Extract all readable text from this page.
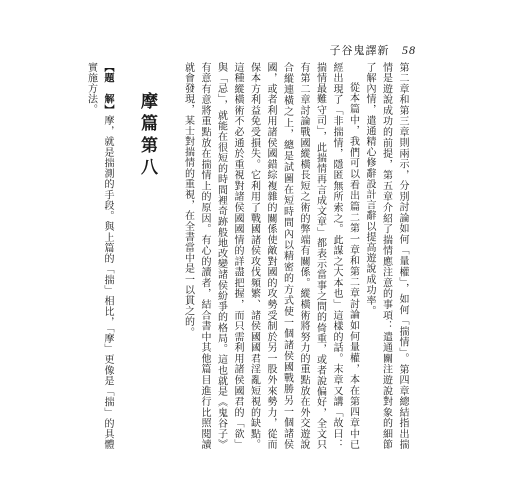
子谷鬼譯新 58

第二章和第三章則兩示，分別討論如何「量權」，如何「揣情」。第四章總結指出揣情是遊說成功的前提，第五章介紹了揣情應注意的事項：遣通關注遊說對象的細節了解內情，遣通精心修辭設計言辭以提高遊說成功率。

從本篇中，我們可以看出篇二第一章和第二章討論如何量權，本在第四章中已經出現了「非揣情，隱匿無所索之。此謀之大本也」這樣的話。末章又講「故曰：揣情最難守司」，此揣情再言成文章」都表示當事之問的倚重，或者說偏好，全文只有第二章討論戰國縱橫長短之術的弊端有關係。縱橫術將努力的重點放在外交遊說合縱連橫之上，總是試圖在短時間內以精密的方式使一個諸侯國戰勝另一個諸侯國，或者利用諸侯國錯綜複雜的關係使敵對國的攻勢受制於另一股外來勢力，從而保本方利益免受損失。它利用了戰國諸侯攻伐頻繁、諸侯國國君淫亂短視的缺點。這種縱橫術不必通於重視對諸侯國國情的詳盡把握，而只需利用諸侯國君的「欲」與「忌」，就能在很短的時間裡奇跡般地改變諸侯紛爭的格局。這也就是《鬼谷子》有意有意將重點放在揣情上的原因。有心的讀者，結合書中其他篇目進行比照閱讀就會發現，某士對揣情的重視，在全書當中是一以貫之的。

摩篇第八

【題　解】摩，就是揣測的手段。與上篇的「揣」相比，「摩」更像是「揣」的具體實施方法。
